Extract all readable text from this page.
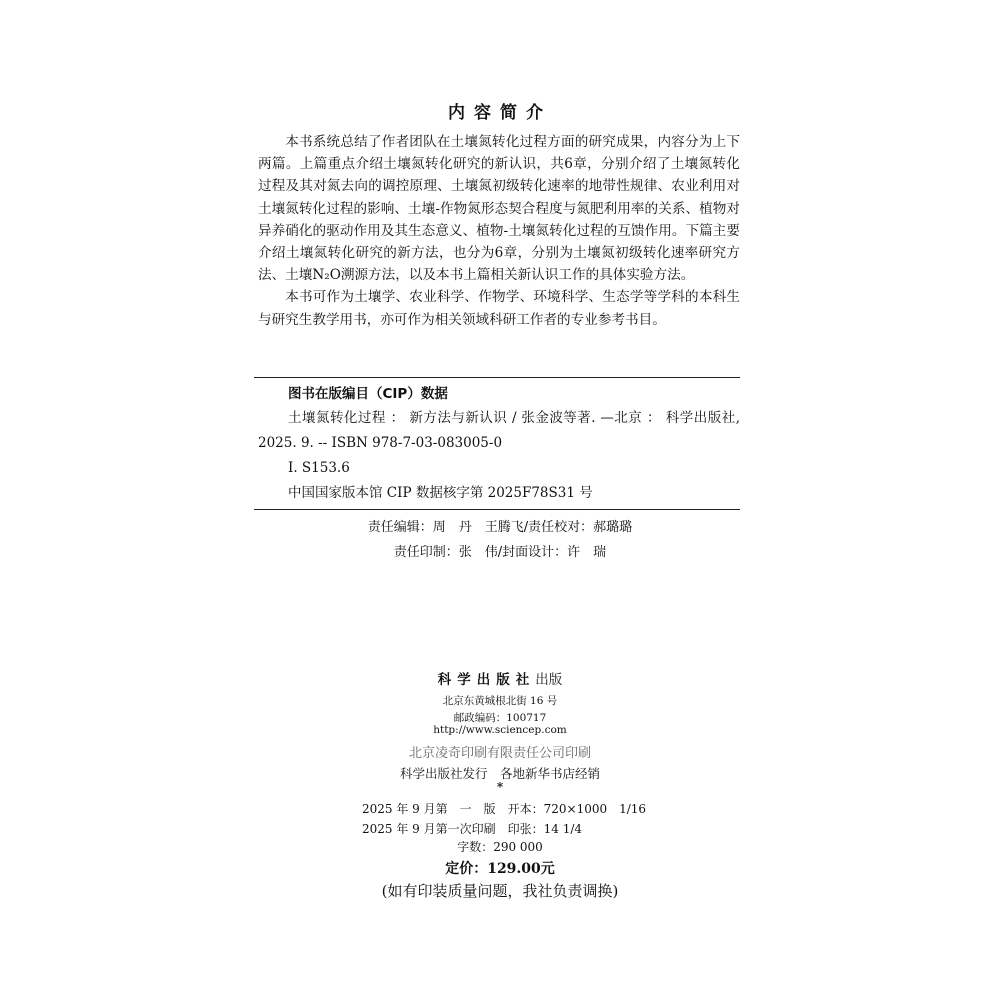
内容简介

本书系统总结了作者团队在土壤氮转化过程方面的研究成果，内容分为上下两篇。上篇重点介绍土壤氮转化研究的新认识，共6章，分别介绍了土壤氮转化过程及其对氮去向的调控原理、土壤氮初级转化速率的地带性规律、农业利用对土壤氮转化过程的影响、土壤-作物氮形态契合程度与氮肥利用率的关系、植物对异养硝化的驱动作用及其生态意义、植物-土壤氮转化过程的互馈作用。下篇主要介绍土壤氮转化研究的新方法，也分为6章，分别为土壤氮初级转化速率研究方法、土壤N₂O溯源方法，以及本书上篇相关新认识工作的具体实验方法。

本书可作为土壤学、农业科学、作物学、环境科学、生态学等学科的本科生与研究生教学用书，亦可作为相关领域科研工作者的专业参考书目。

图书在版编目（CIP）数据
土壤氮转化过程 ： 新方法与新认识 / 张金波等著. —北京 ： 科学出版社, 2025. 9. -- ISBN 978-7-03-083005-0
Ⅰ. S153.6
中国国家版本馆 CIP 数据核字第 2025F78S31 号
责任编辑：周　丹　王腾飞/责任校对：郝璐璐
责任印制：张　伟/封面设计：许　瑞
科学出版社出版
北京东黄城根北街 16 号
邮政编码：100717
http://www.sciencep.com
北京凌奇印刷有限责任公司印刷
科学出版社发行　各地新华书店经销
*
2025 年 9 月第　一　版　开本：720×1000　1/16
2025 年 9 月第一次印刷　印张：14 1/4
字数：290 000
定价：129.00元
(如有印装质量问题，我社负责调换)
